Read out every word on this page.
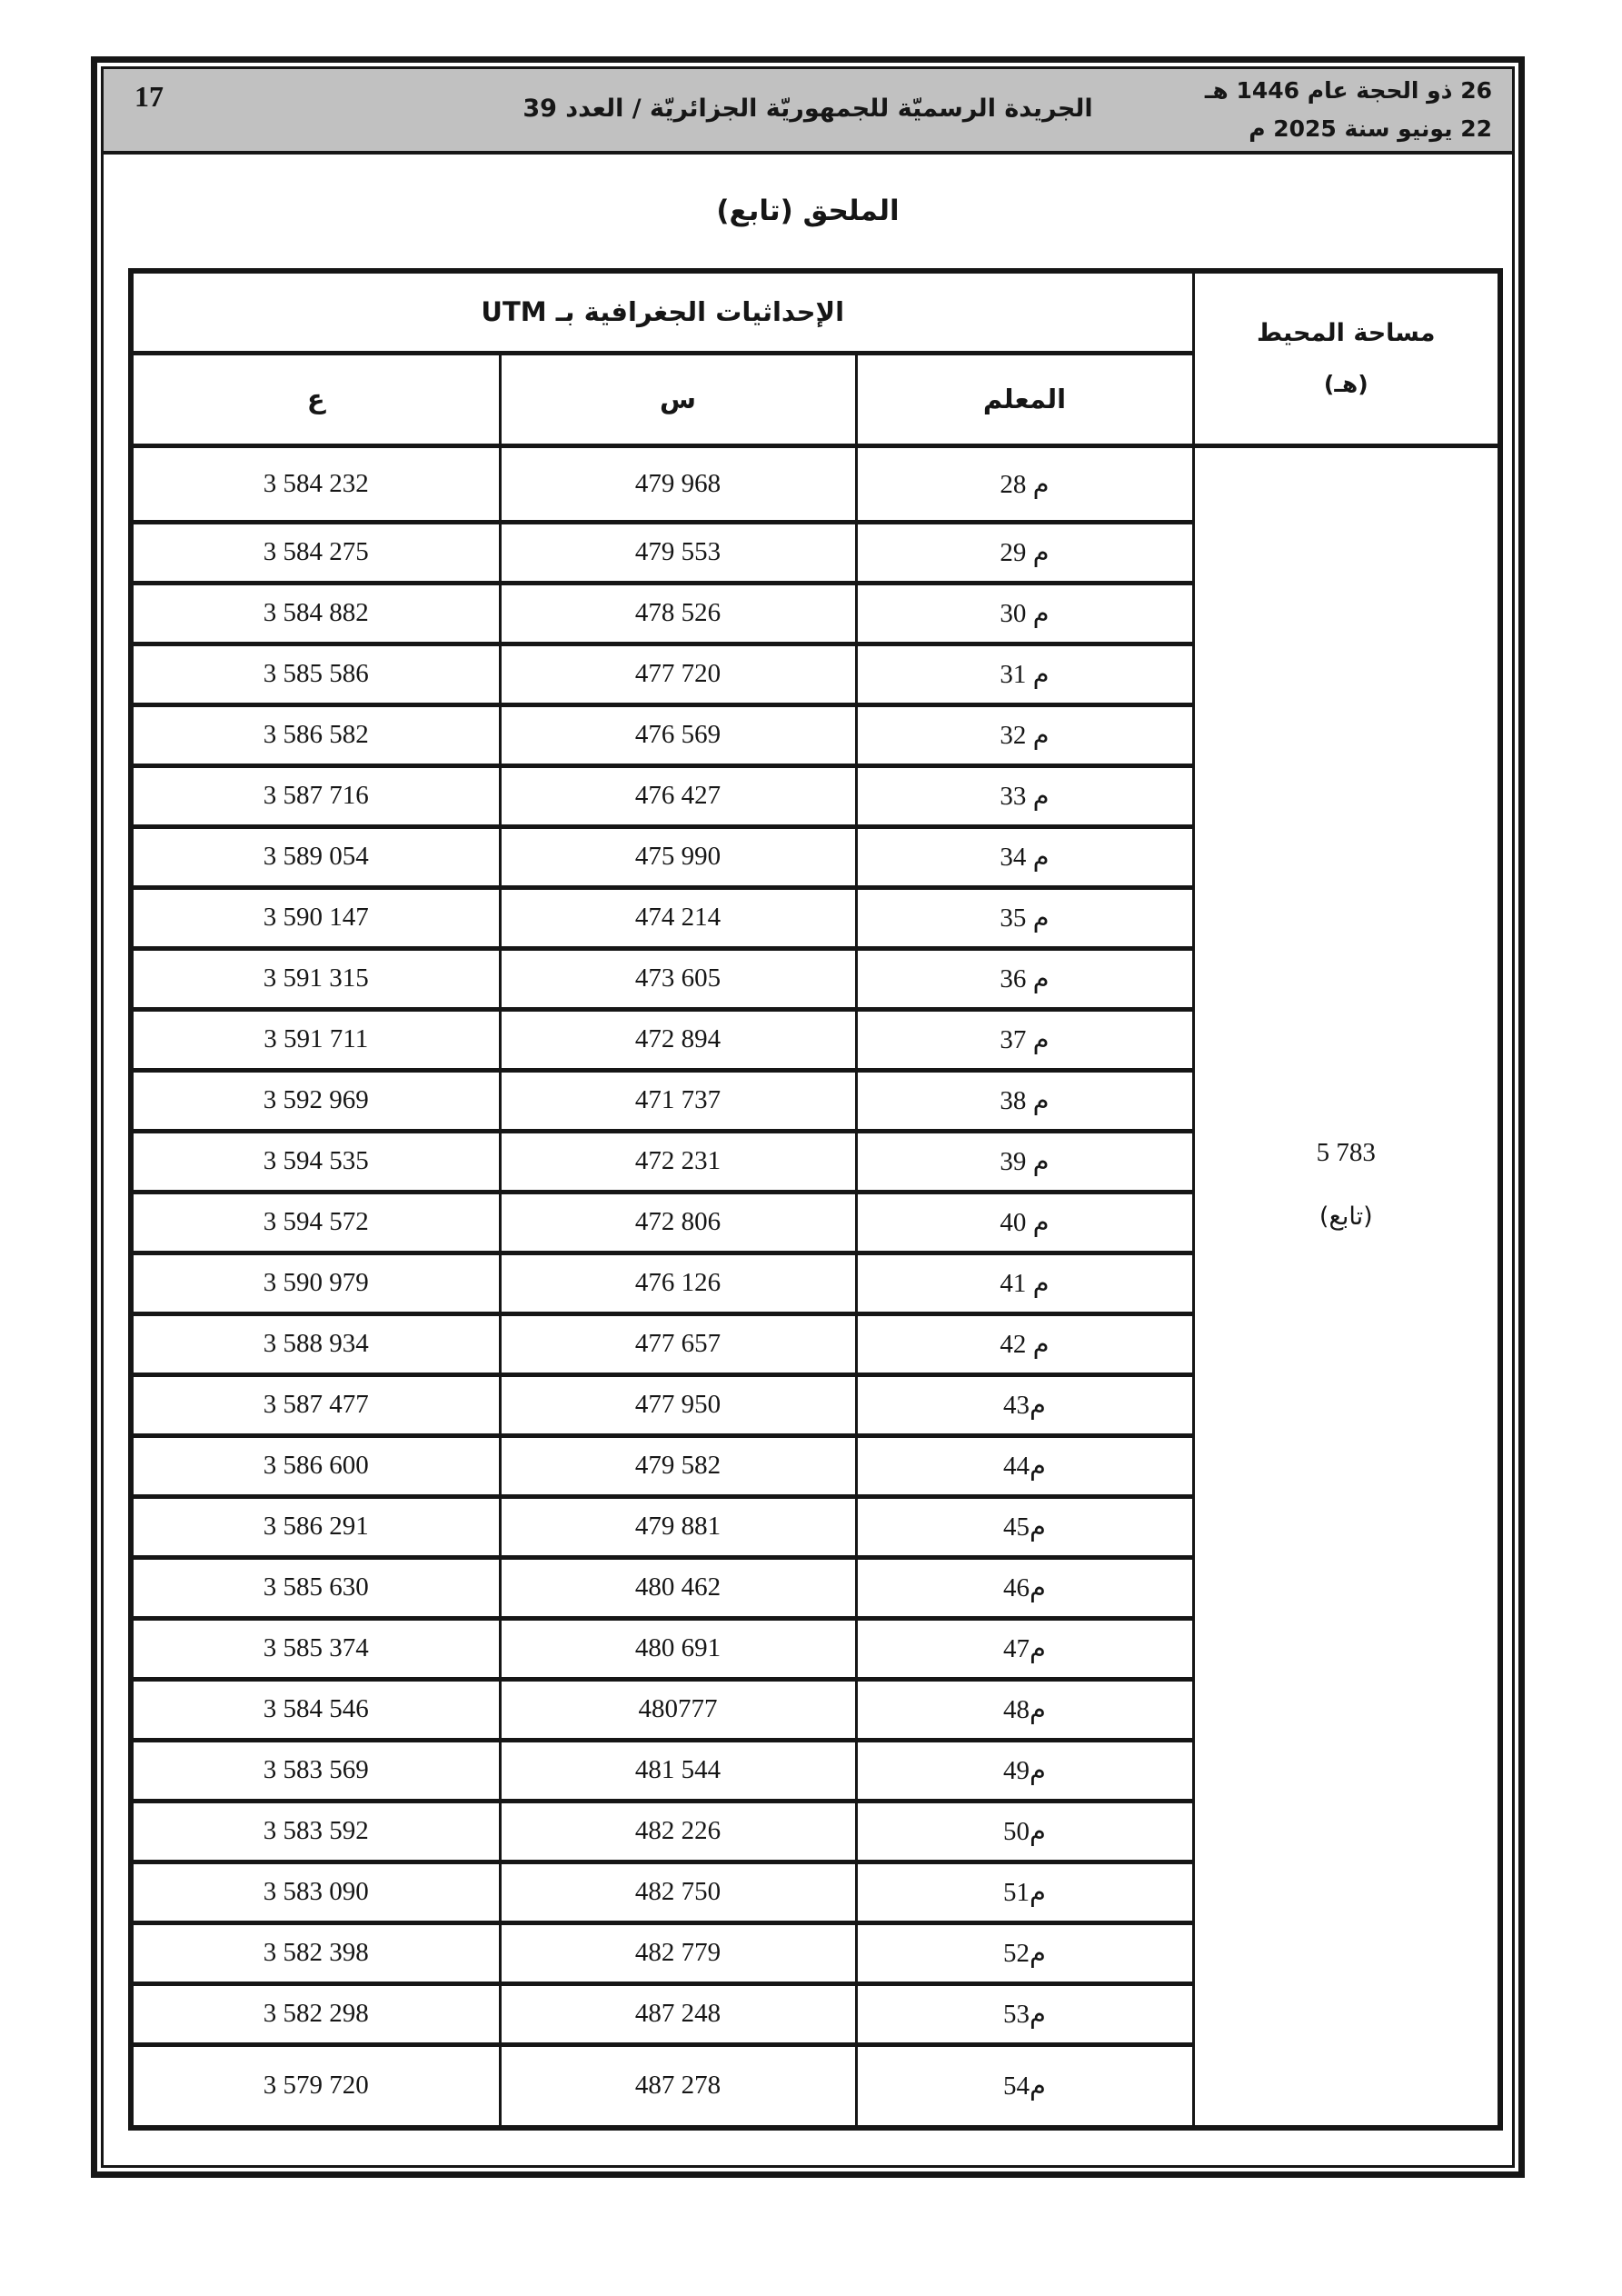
17	الجريدة الرسميّة للجمهوريّة الجزائريّة / العدد 39
26 ذو الحجة عام 1446 هـ
22 يونيو سنة 2025 م
الملحق (تابع)
مساحة المحيط
(هـ)	الإحداثيات الجغرافية بـ UTM		
	المعلم	س	ع

5 783
(تابع)	م 28	479 968	3 584 232
	م 29	479 553	3 584 275
	م 30	478 526	3 584 882
	م 31	477 720	3 585 586
	م 32	476 569	3 586 582
	م 33	476 427	3 587 716
	م 34	475 990	3 589 054
	م 35	474 214	3 590 147
	م 36	473 605	3 591 315
	م 37	472 894	3 591 711
	م 38	471 737	3 592 969
	م 39	472 231	3 594 535
	م 40	472 806	3 594 572
	م 41	476 126	3 590 979
	م 42	477 657	3 588 934
	م43	477 950	3 587 477
	م44	479 582	3 586 600
	م45	479 881	3 586 291
	م46	480 462	3 585 630
	م47	480 691	3 585 374
	م48	480777	3 584 546
	م49	481 544	3 583 569
	م50	482 226	3 583 592
	م51	482 750	3 583 090
	م52	482 779	3 582 398
	م53	487 248	3 582 298
	م54	487 278	3 579 720
